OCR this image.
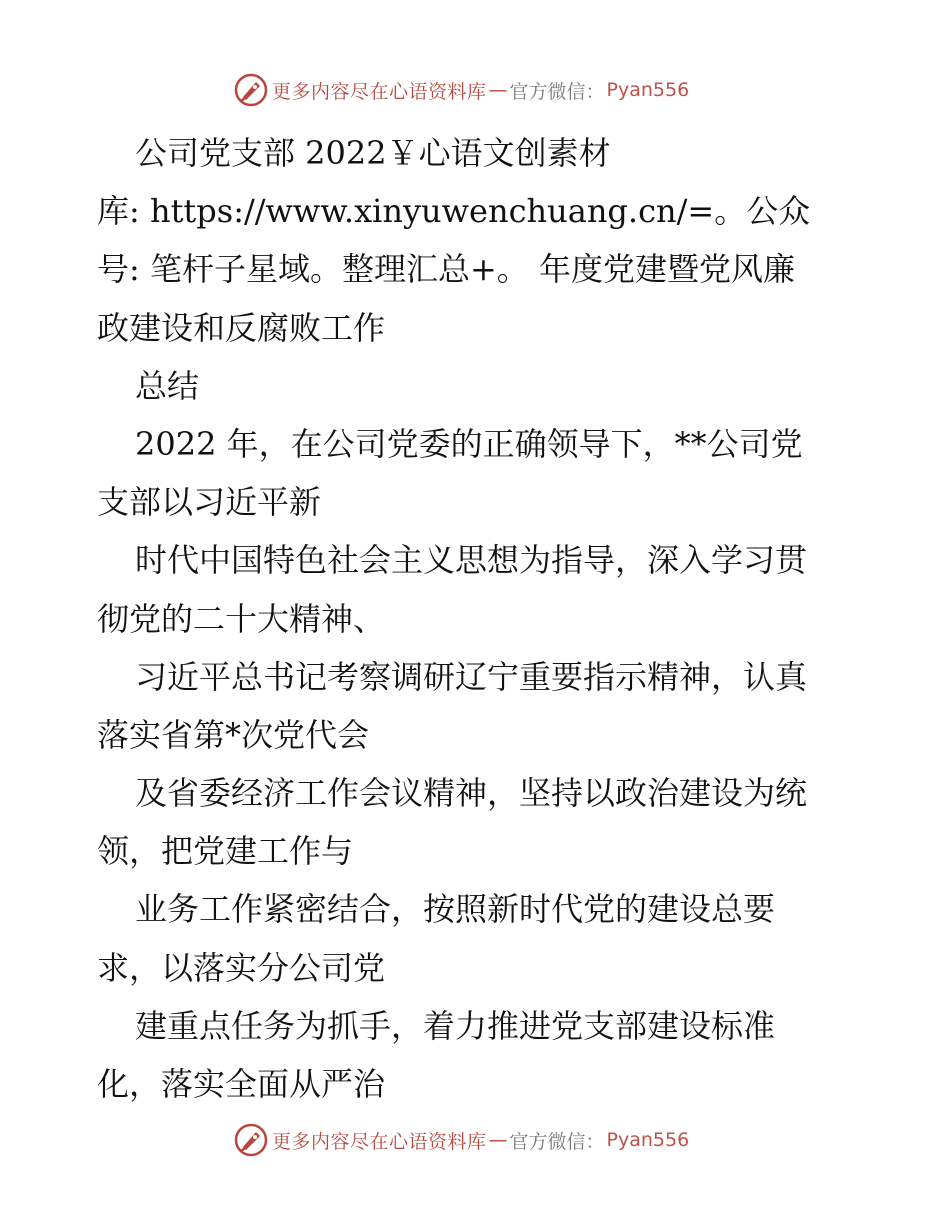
更多内容尽在心语资料库 — 官方微信： Pyan556
公司党支部 2022￥心语文创素材
库: https://www.xinyuwenchuang.cn/=。公众
号: 笔杆子星域。整理汇总+。 年度党建暨党风廉
政建设和反腐败工作
总结
2022 年，在公司党委的正确领导下，**公司党
支部以习近平新
时代中国特色社会主义思想为指导，深入学习贯
彻党的二十大精神、
习近平总书记考察调研辽宁重要指示精神，认真
落实省第*次党代会
及省委经济工作会议精神，坚持以政治建设为统
领，把党建工作与
业务工作紧密结合，按照新时代党的建设总要
求，以落实分公司党
建重点任务为抓手，着力推进党支部建设标准
化，落实全面从严治
更多内容尽在心语资料库 — 官方微信： Pyan556
